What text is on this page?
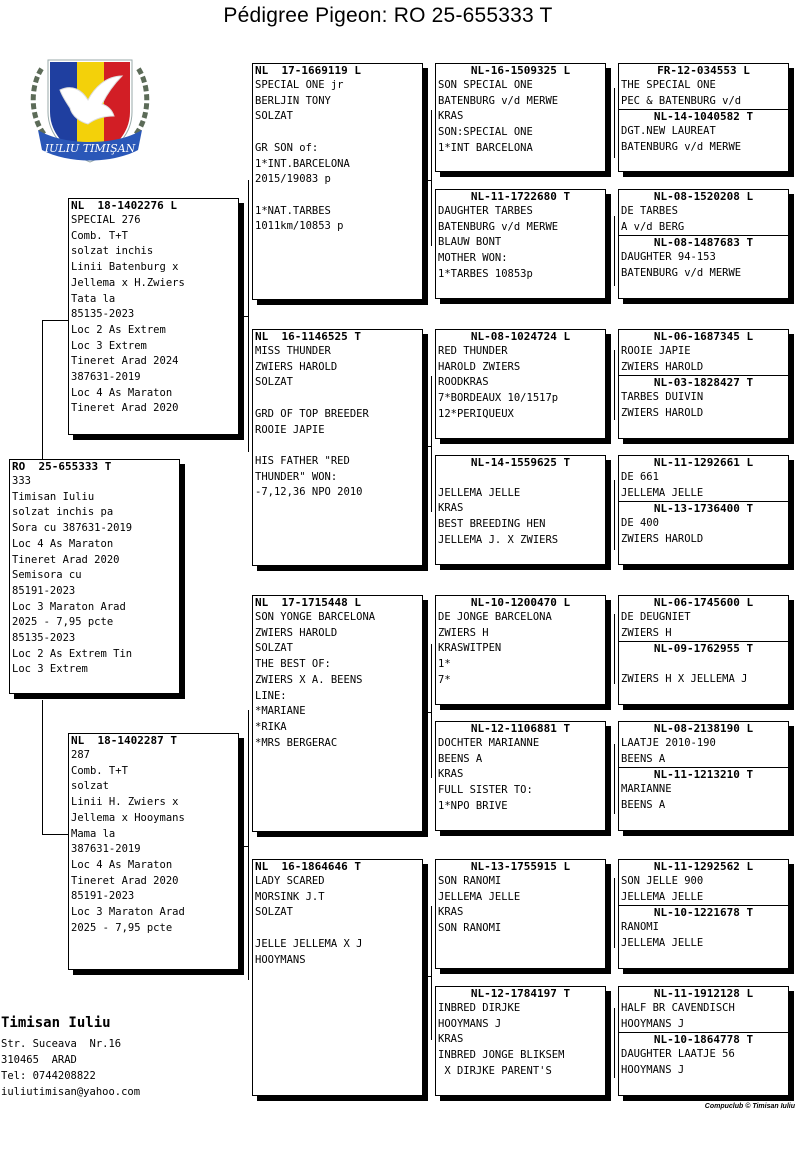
Pédigree Pigeon: RO 25-655333 T
IULIU TIMIŞAN
RO  25-655333 T
333
Timisan Iuliu
solzat inchis pa
Sora cu 387631-2019
Loc 4 As Maraton
Tineret Arad 2020
Semisora cu
85191-2023
Loc 3 Maraton Arad
2025 - 7,95 pcte
85135-2023
Loc 2 As Extrem Tin
Loc 3 Extrem
NL  18-1402276 L
SPECIAL 276
Comb. T+T
solzat inchis
Linii Batenburg x
Jellema x H.Zwiers
Tata la
85135-2023
Loc 2 As Extrem
Loc 3 Extrem
Tineret Arad 2024
387631-2019
Loc 4 As Maraton
Tineret Arad 2020
NL  18-1402287 T
287
Comb. T+T
solzat
Linii H. Zwiers x
Jellema x Hooymans
Mama la
387631-2019
Loc 4 As Maraton
Tineret Arad 2020
85191-2023
Loc 3 Maraton Arad
2025 - 7,95 pcte
NL  17-1669119 L
SPECIAL ONE jr
BERLJIN TONY
SOLZAT

GR SON of:
1*INT.BARCELONA
2015/19083 p

1*NAT.TARBES
1011km/10853 p
NL  16-1146525 T
MISS THUNDER
ZWIERS HAROLD
SOLZAT

GRD OF TOP BREEDER
ROOIE JAPIE

HIS FATHER "RED
THUNDER" WON:
-7,12,36 NPO 2010
NL  17-1715448 L
SON YONGE BARCELONA
ZWIERS HAROLD
SOLZAT
THE BEST OF:
ZWIERS X A. BEENS
LINE:
*MARIANE
*RIKA
*MRS BERGERAC
NL  16-1864646 T
LADY SCARED
MORSINK J.T
SOLZAT

JELLE JELLEMA X J
HOOYMANS
NL-16-1509325 L
SON SPECIAL ONE
BATENBURG v/d MERWE
KRAS
SON:SPECIAL ONE
1*INT BARCELONA
NL-11-1722680 T
DAUGHTER TARBES
BATENBURG v/d MERWE
BLAUW BONT
MOTHER WON:
1*TARBES 10853p
NL-08-1024724 L
RED THUNDER
HAROLD ZWIERS
ROODKRAS
7*BORDEAUX 10/1517p
12*PERIQUEUX
NL-14-1559625 T

JELLEMA JELLE
KRAS
BEST BREEDING HEN
JELLEMA J. X ZWIERS
NL-10-1200470 L
DE JONGE BARCELONA
ZWIERS H
KRASWITPEN
1*
7*
NL-12-1106881 T
DOCHTER MARIANNE
BEENS A
KRAS
FULL SISTER TO:
1*NPO BRIVE
NL-13-1755915 L
SON RANOMI
JELLEMA JELLE
KRAS
SON RANOMI
NL-12-1784197 T
INBRED DIRJKE
HOOYMANS J
KRAS
INBRED JONGE BLIKSEM
X DIRJKE PARENT'S
FR-12-034553 L
THE SPECIAL ONE
PEC & BATENBURG v/d
NL-14-1040582 T
DGT.NEW LAUREAT
BATENBURG v/d MERWE
NL-08-1520208 L
DE TARBES
A v/d BERG
NL-08-1487683 T
DAUGHTER 94-153
BATENBURG v/d MERWE
NL-06-1687345 L
ROOIE JAPIE
ZWIERS HAROLD
NL-03-1828427 T
TARBES DUIVIN
ZWIERS HAROLD
NL-11-1292661 L
DE 661
JELLEMA JELLE
NL-13-1736400 T
DE 400
ZWIERS HAROLD
NL-06-1745600 L
DE DEUGNIET
ZWIERS H
NL-09-1762955 T

ZWIERS H X JELLEMA J
NL-08-2138190 L
LAATJE 2010-190
BEENS A
NL-11-1213210 T
MARIANNE
BEENS A
NL-11-1292562 L
SON JELLE 900
JELLEMA JELLE
NL-10-1221678 T
RANOMI
JELLEMA JELLE
NL-11-1912128 L
HALF BR CAVENDISCH
HOOYMANS J
NL-10-1864778 T
DAUGHTER LAATJE 56
HOOYMANS J
Timisan Iuliu
Str. Suceava  Nr.16
310465  ARAD
Tel: 0744208822
iuliutimisan@yahoo.com
Compuclub © Timisan Iuliu
